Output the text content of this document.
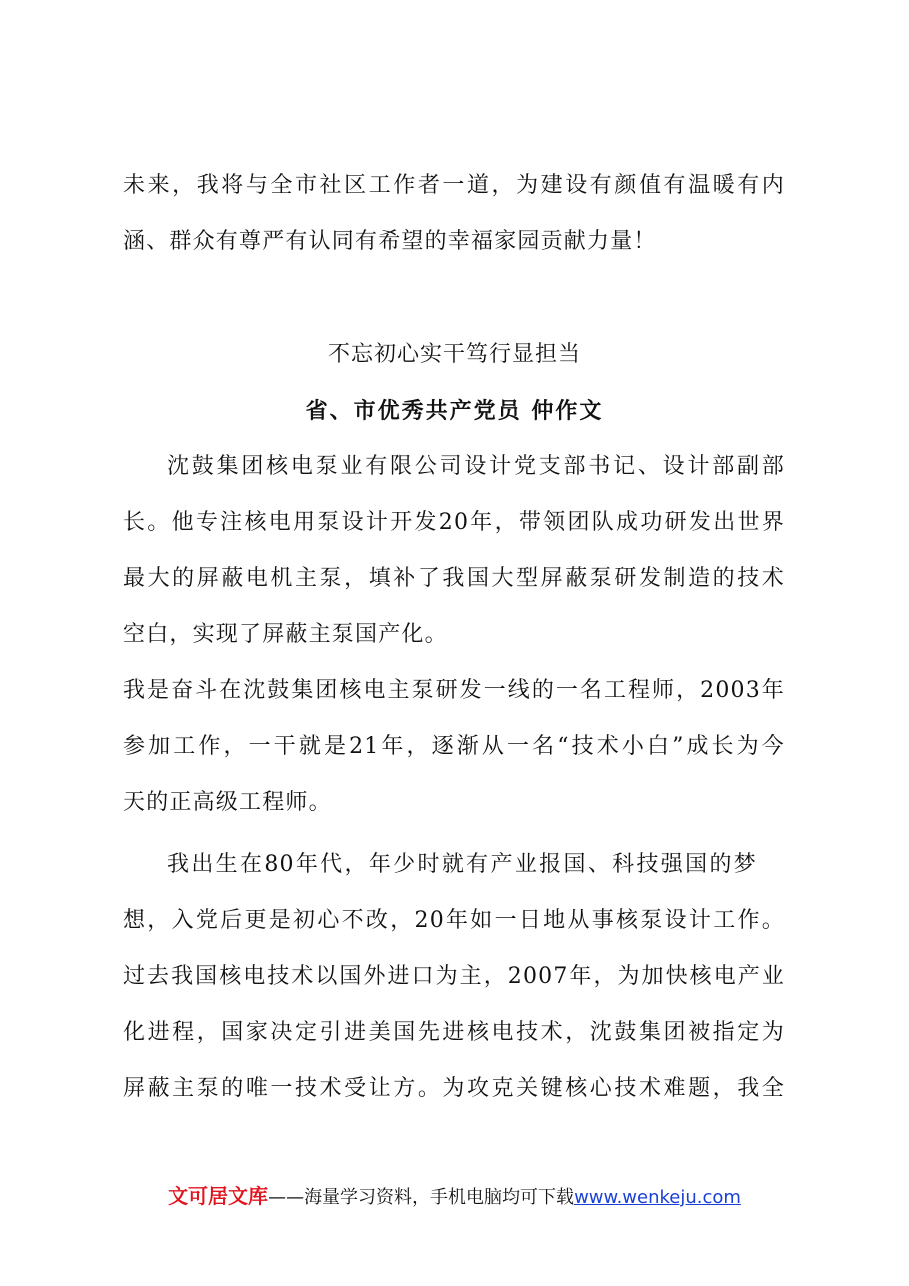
未来，我将与全市社区工作者一道，为建设有颜值有温暖有内
涵、群众有尊严有认同有希望的幸福家园贡献力量！
不忘初心实干笃行显担当
省、市优秀共产党员 仲作文
沈鼓集团核电泵业有限公司设计党支部书记、设计部副部
长。他专注核电用泵设计开发20年，带领团队成功研发出世界
最大的屏蔽电机主泵，填补了我国大型屏蔽泵研发制造的技术
空白，实现了屏蔽主泵国产化。
我是奋斗在沈鼓集团核电主泵研发一线的一名工程师，2003年
参加工作，一干就是21年，逐渐从一名“技术小白”成长为今
天的正高级工程师。
我出生在80年代，年少时就有产业报国、科技强国的梦
想，入党后更是初心不改，20年如一日地从事核泵设计工作。
过去我国核电技术以国外进口为主，2007年，为加快核电产业
化进程，国家决定引进美国先进核电技术，沈鼓集团被指定为
屏蔽主泵的唯一技术受让方。为攻克关键核心技术难题，我全
文可居文库——海量学习资料，手机电脑均可下载www.wenkeju.com
